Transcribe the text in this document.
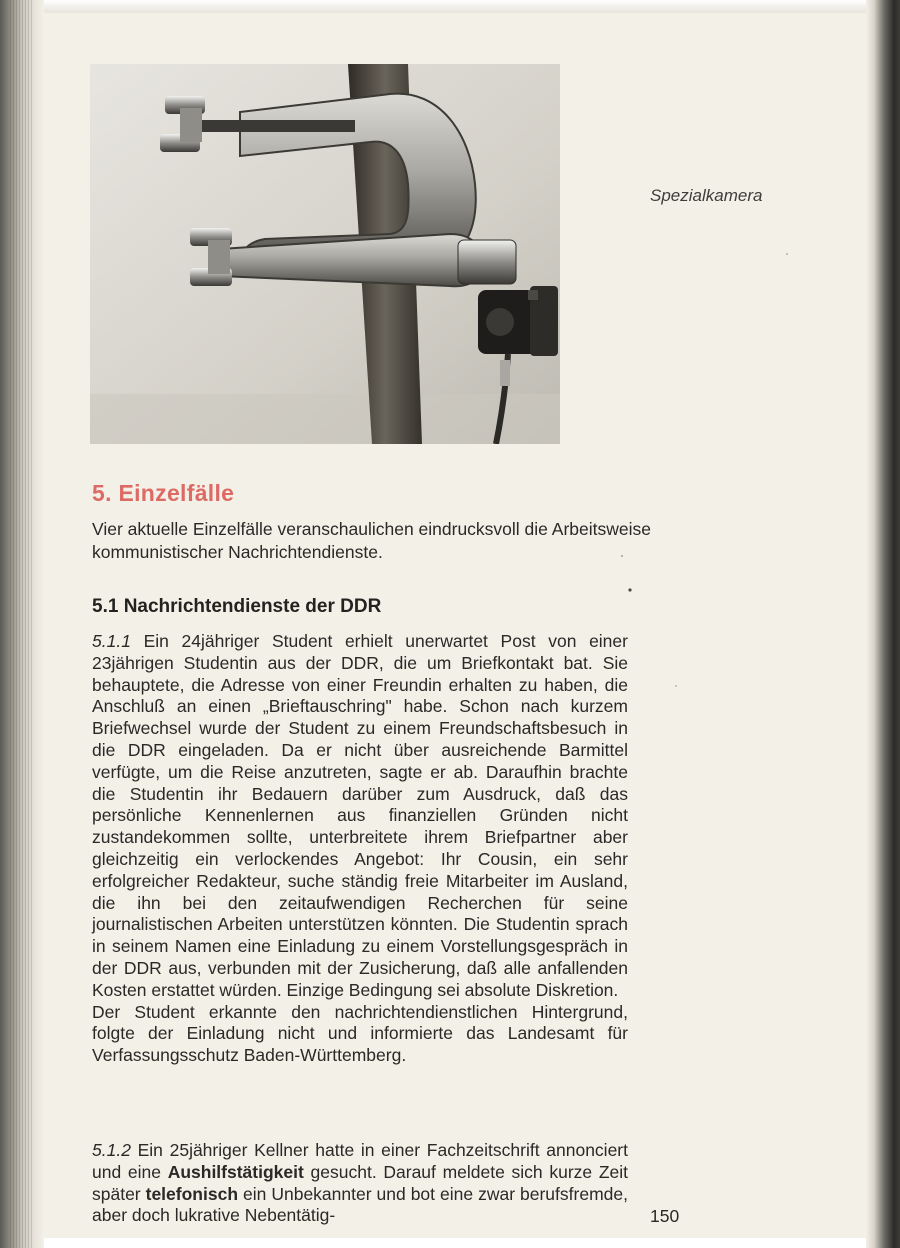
Spezialkamera
5. Einzelfälle
Vier aktuelle Einzelfälle veranschaulichen eindrucksvoll die Arbeitsweise kommunistischer Nachrichtendienste.
5.1 Nachrichtendienste der DDR
5.1.1 Ein 24jähriger Student erhielt unerwartet Post von einer 23jährigen Studentin aus der DDR, die um Briefkontakt bat. Sie behauptete, die Adresse von einer Freundin erhalten zu haben, die Anschluß an einen „Brieftauschring" habe. Schon nach kurzem Briefwechsel wurde der Student zu einem Freundschaftsbesuch in die DDR eingeladen. Da er nicht über ausreichende Barmittel verfügte, um die Reise anzutreten, sagte er ab. Daraufhin brachte die Studentin ihr Bedauern darüber zum Ausdruck, daß das persönliche Kennenlernen aus finanziellen Gründen nicht zustandekommen sollte, unterbreitete ihrem Briefpartner aber gleichzeitig ein verlockendes Angebot: Ihr Cousin, ein sehr erfolgreicher Redakteur, suche ständig freie Mitarbeiter im Ausland, die ihn bei den zeitaufwendigen Recherchen für seine journalistischen Arbeiten unterstützen könnten. Die Studentin sprach in seinem Namen eine Einladung zu einem Vorstellungsgespräch in der DDR aus, verbunden mit der Zusicherung, daß alle anfallenden Kosten erstattet würden. Einzige Bedingung sei absolute Diskretion.
Der Student erkannte den nachrichtendienstlichen Hintergrund, folgte der Einladung nicht und informierte das Landesamt für Verfassungsschutz Baden-Württemberg.
5.1.2 Ein 25jähriger Kellner hatte in einer Fachzeitschrift annonciert und eine Aushilfstätigkeit gesucht. Darauf meldete sich kurze Zeit später telefonisch ein Unbekannter und bot eine zwar berufsfremde, aber doch lukrative Nebentätig-	150
